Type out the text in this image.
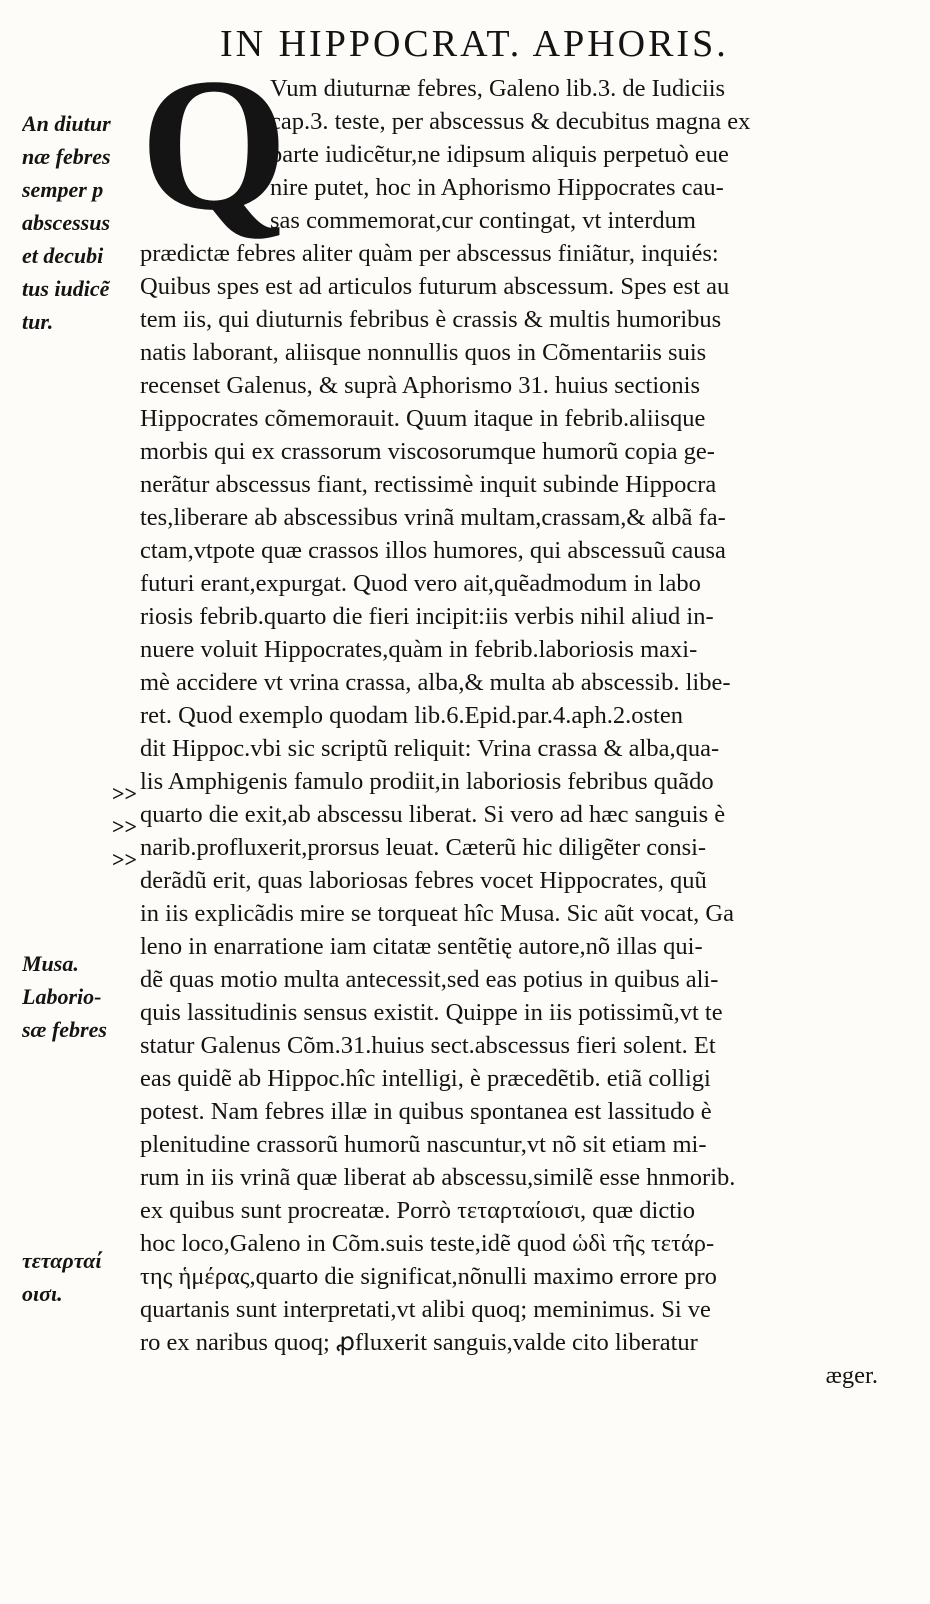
IN HIPPOCRAT. APHORIS.
Q
An diutur
næ febres
semper p
abscessus
et decubi
tus iudicẽ
tur.
Musa.
Laborio-
sæ febres
τεταρταί
οισι.
>>
>>
>>
Vum diuturnæ febres, Galeno lib.3. de Iudiciis
cap.3. teste, per abscessus & decubitus magna ex
parte iudicẽtur,ne idipsum aliquis perpetuò eue
nire putet, hoc in Aphorismo Hippocrates cau-
sas commemorat,cur contingat, vt interdum
prædictæ febres aliter quàm per abscessus finiãtur, inquiés:
Quibus spes est ad articulos futurum abscessum. Spes est au
tem iis, qui diuturnis febribus è crassis & multis humoribus
natis laborant, aliisque nonnullis quos in Cõmentariis suis
recenset Galenus, & suprà Aphorismo 31. huius sectionis
Hippocrates cõmemorauit. Quum itaque in febrib.aliisque
morbis qui ex crassorum viscosorumque humorũ copia ge-
nerãtur abscessus fiant, rectissimè inquit subinde Hippocra
tes,liberare ab abscessibus vrinã multam,crassam,& albã fa-
ctam,vtpote quæ crassos illos humores, qui abscessuũ causa
futuri erant,expurgat. Quod vero ait,quẽadmodum in labo
riosis febrib.quarto die fieri incipit:iis verbis nihil aliud in-
nuere voluit Hippocrates,quàm in febrib.laboriosis maxi-
mè accidere vt vrina crassa, alba,& multa ab abscessib. libe-
ret. Quod exemplo quodam lib.6.Epid.par.4.aph.2.osten
dit Hippoc.vbi sic scriptũ reliquit: Vrina crassa & alba,qua-
lis Amphigenis famulo prodiit,in laboriosis febribus quãdo
quarto die exit,ab abscessu liberat. Si vero ad hæc sanguis è
narib.profluxerit,prorsus leuat. Cæterũ hic diligẽter consi-
derãdũ erit, quas laboriosas febres vocet Hippocrates, quũ
in iis explicãdis mire se torqueat hîc Musa. Sic aũt vocat, Ga
leno in enarratione iam citatæ sentẽtię autore,nõ illas qui-
dẽ quas motio multa antecessit,sed eas potius in quibus ali-
quis lassitudinis sensus existit. Quippe in iis potissimũ,vt te
statur Galenus Cõm.31.huius sect.abscessus fieri solent. Et
eas quidẽ ab Hippoc.hîc intelligi, è præcedẽtib. etiã colligi
potest. Nam febres illæ in quibus spontanea est lassitudo è
plenitudine crassorũ humorũ nascuntur,vt nõ sit etiam mi-
rum in iis vrinã quæ liberat ab abscessu,similẽ esse hnmorib.
ex quibus sunt procreatæ. Porrò τεταρταίοισι, quæ dictio
hoc loco,Galeno in Cõm.suis teste,idẽ quod ὡδὶ τῆς τετάρ-
της ἡμέρας,quarto die significat,nõnulli maximo errore pro
quartanis sunt interpretati,vt alibi quoq; meminimus. Si ve
ro ex naribus quoq; ꝓfluxerit sanguis,valde cito liberatur
æger.
